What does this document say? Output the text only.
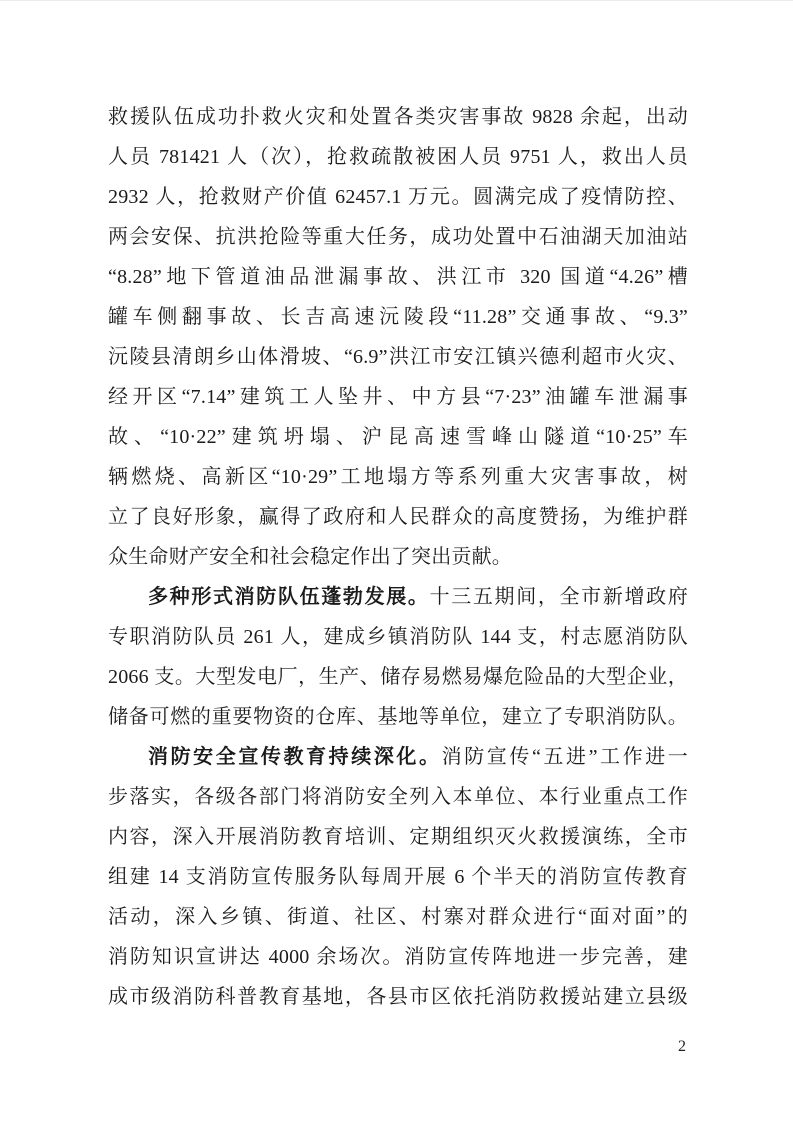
救援队伍成功扑救火灾和处置各类灾害事故 9828 余起，出动
人员 781421 人（次），抢救疏散被困人员 9751 人，救出人员
2932 人，抢救财产价值 62457.1 万元。圆满完成了疫情防控、
两会安保、抗洪抢险等重大任务，成功处置中石油湖天加油站
“8.28”地下管道油品泄漏事故、洪江市 320 国道“4.26”槽
罐车侧翻事故、长吉高速沅陵段“11.28”交通事故、“9.3”
沅陵县清朗乡山体滑坡、“6.9”洪江市安江镇兴德利超市火灾、
经开区“7.14”建筑工人坠井、中方县“7·23”油罐车泄漏事
故、“10·22”建筑坍塌、沪昆高速雪峰山隧道“10·25”车
辆燃烧、高新区“10·29”工地塌方等系列重大灾害事故，树
立了良好形象，赢得了政府和人民群众的高度赞扬，为维护群
众生命财产安全和社会稳定作出了突出贡献。
多种形式消防队伍蓬勃发展。十三五期间，全市新增政府
专职消防队员 261 人，建成乡镇消防队 144 支，村志愿消防队
2066 支。大型发电厂，生产、储存易燃易爆危险品的大型企业，
储备可燃的重要物资的仓库、基地等单位，建立了专职消防队。
消防安全宣传教育持续深化。消防宣传“五进”工作进一
步落实，各级各部门将消防安全列入本单位、本行业重点工作
内容，深入开展消防教育培训、定期组织灭火救援演练，全市
组建 14 支消防宣传服务队每周开展 6 个半天的消防宣传教育
活动，深入乡镇、街道、社区、村寨对群众进行“面对面”的
消防知识宣讲达 4000 余场次。消防宣传阵地进一步完善，建
成市级消防科普教育基地，各县市区依托消防救援站建立县级
2
